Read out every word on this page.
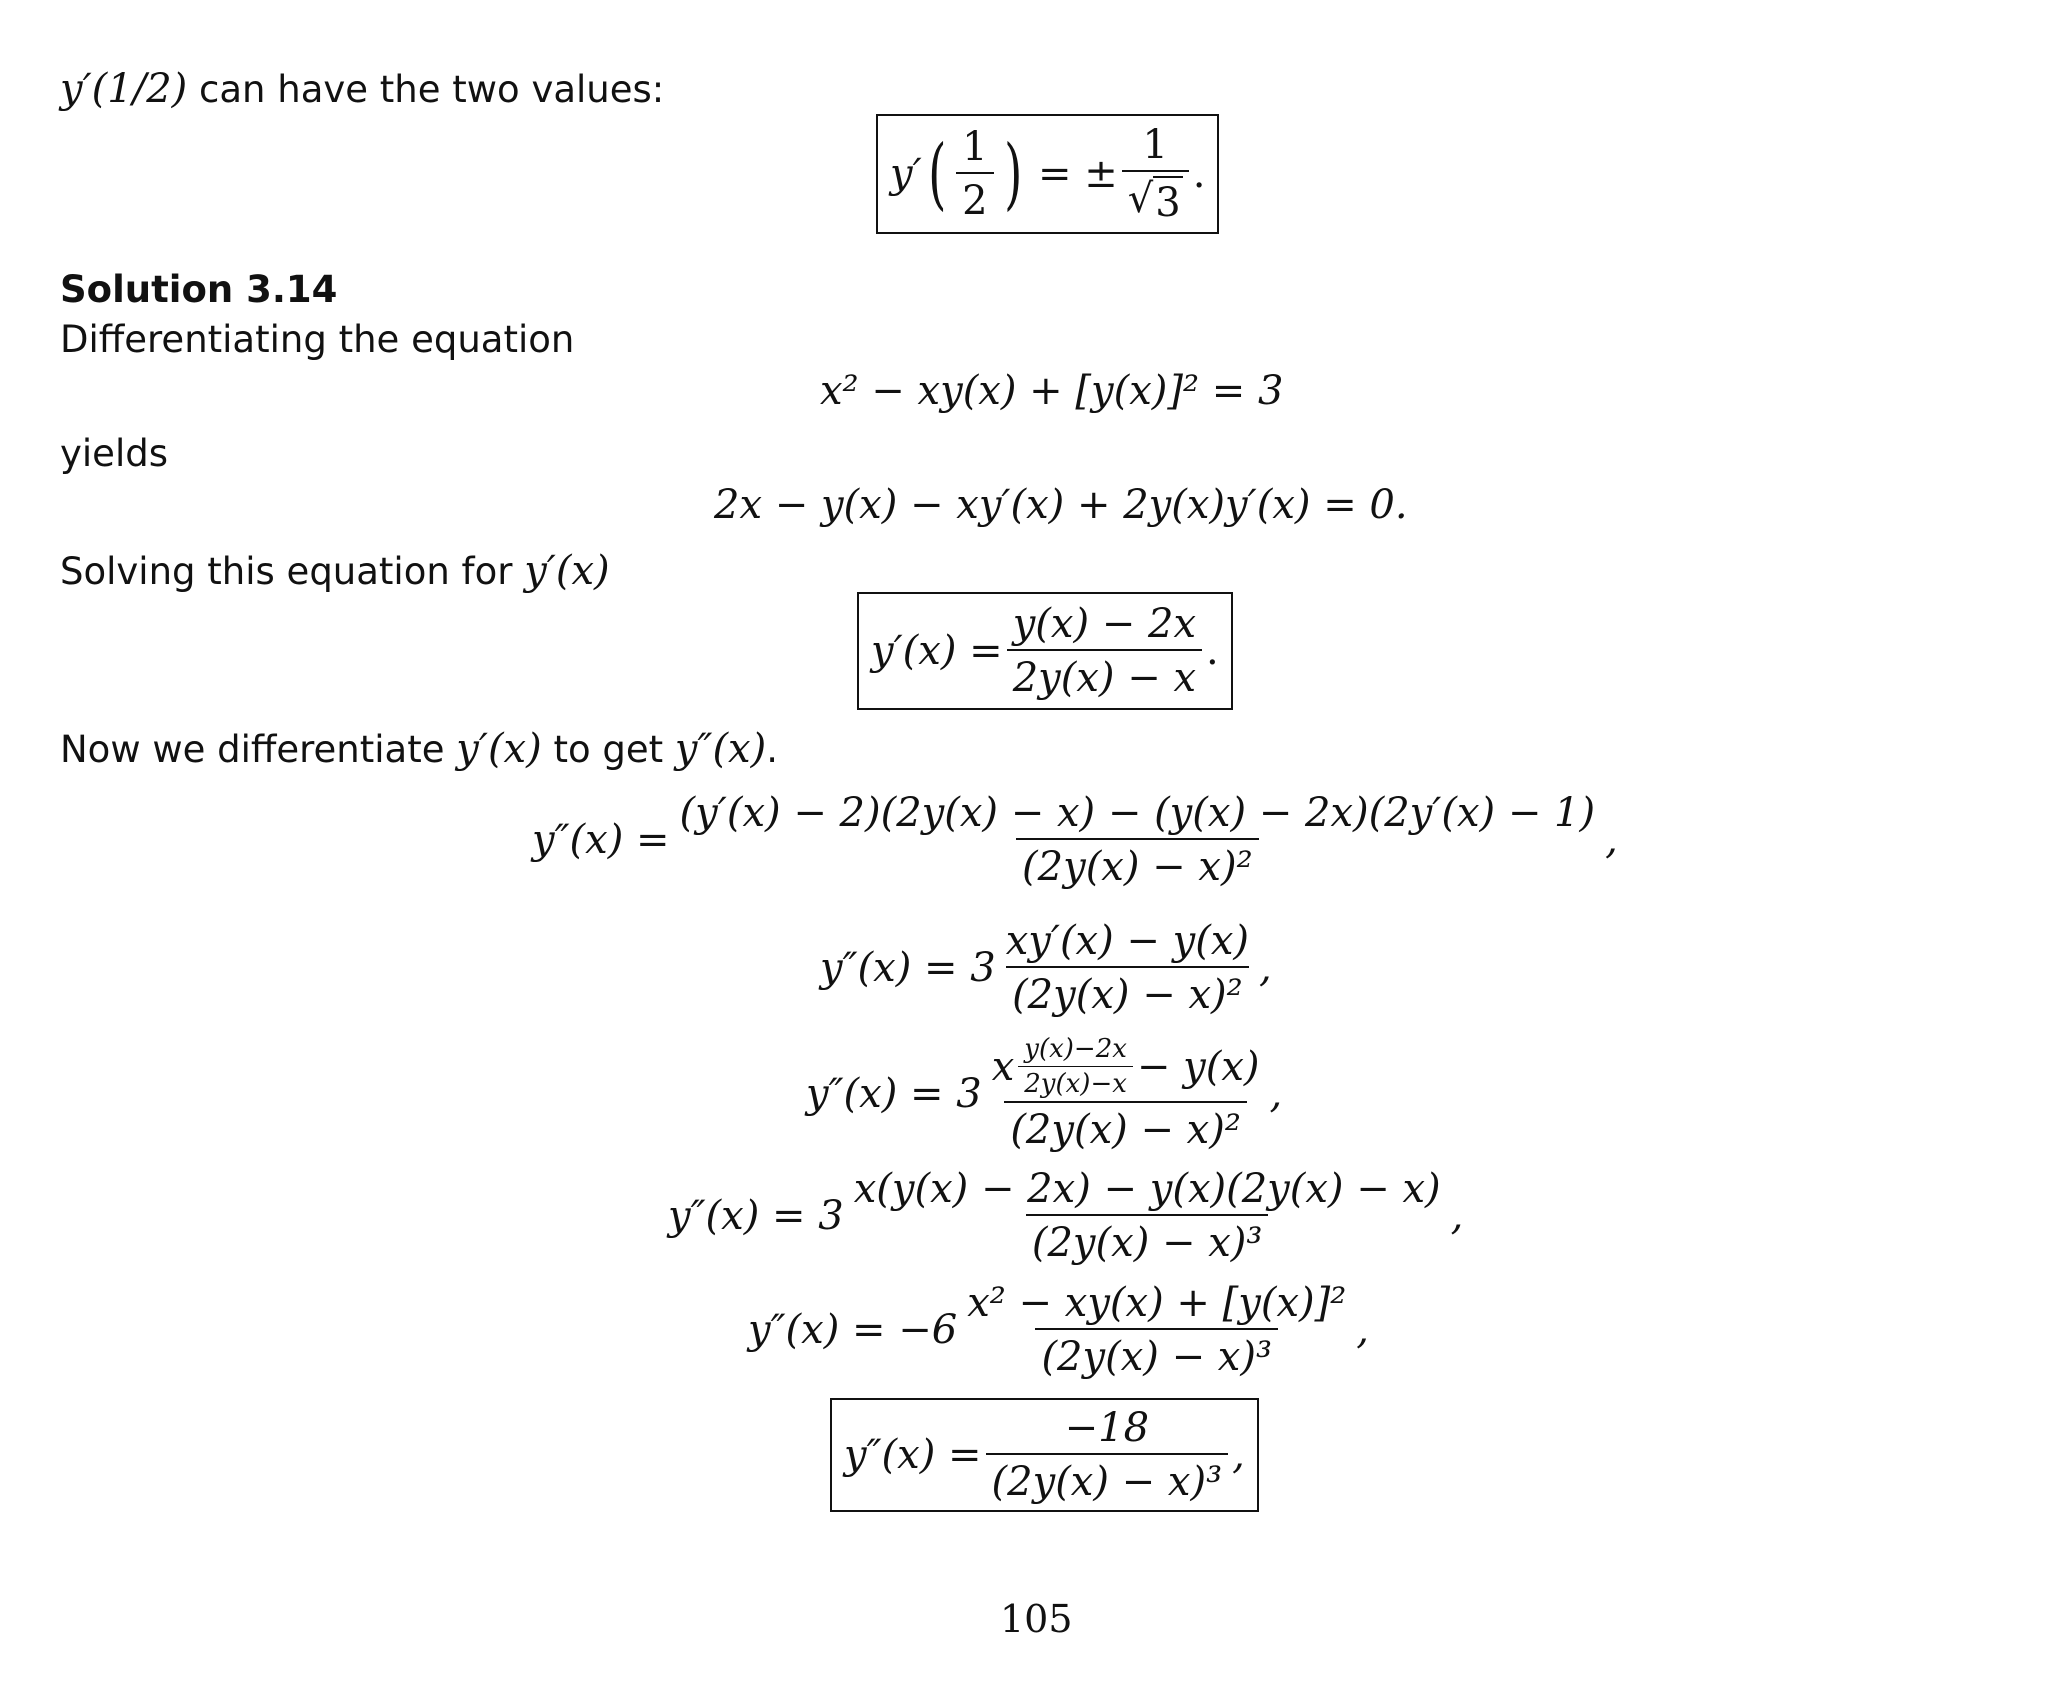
y′(1/2) can have the two values:
y′ ( $\frac{1}{2}$ ) = ± $\frac{1}{√ 3}$ .
Solution 3.14
Differentiating the equation
x² − xy(x) + [y(x)]² = 3
yields
2x − y(x) − xy′(x) + 2y(x)y′(x) = 0.
Solving this equation for y′(x)
$y'(x) = \frac{y(x) - 2x}{2y(x) - x}$ .
Now we differentiate y′(x) to get y″(x).
$y''(x) = \frac{(y'(x) - 2)(2y(x) - x) - (y(x) - 2x)(2y'(x) - 1)}{\text{(2y(x) − x)²}}$ ,
$y''(x) = 3 \frac{xy'(x) - y(x)}{\text{(2y(x) − x)²}}$ ,
y″(x) = 3
x $\frac{y(x)-2x}{2y(x)-x} - y(x)$
(2y(x) − x)²
,
$y''(x) = 3 \frac{x(y(x) - 2x) - y(x)(2y(x) - x)}{\text{(2y(x) − x)³}}$ ,
$y''(x) = -6 \frac{\text{x² − xy(x) + [y(x)]²}}{\text{(2y(x) − x)³}}$ ,
$y''(x) = \frac{-18}{\text{(2y(x) − x)³}}$ ,
105
